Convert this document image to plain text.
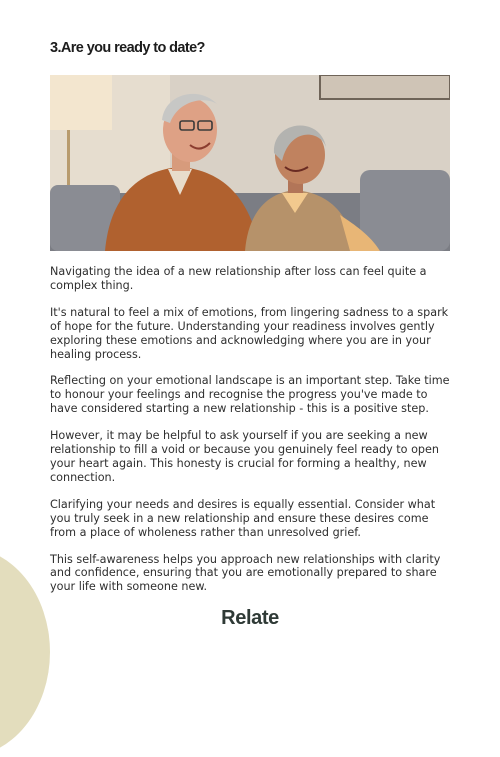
3.Are you ready to date?

Navigating the idea of a new relationship after loss can feel quite a complex thing.

It's natural to feel a mix of emotions, from lingering sadness to a spark of hope for the future. Understanding your readiness involves gently exploring these emotions and acknowledging where you are in your healing process.

Reflecting on your emotional landscape is an important step. Take time to honour your feelings and recognise the progress you've made to have considered starting a new relationship - this is a positive step.

However, it may be helpful to ask yourself if you are seeking a new relationship to fill a void or because you genuinely feel ready to open your heart again. This honesty is crucial for forming a healthy, new connection.

Clarifying your needs and desires is equally essential. Consider what you truly seek in a new relationship and ensure these desires come from a place of wholeness rather than unresolved grief.

This self-awareness helps you approach new relationships with clarity and confidence, ensuring that you are emotionally prepared to share your life with someone new.

Relate
